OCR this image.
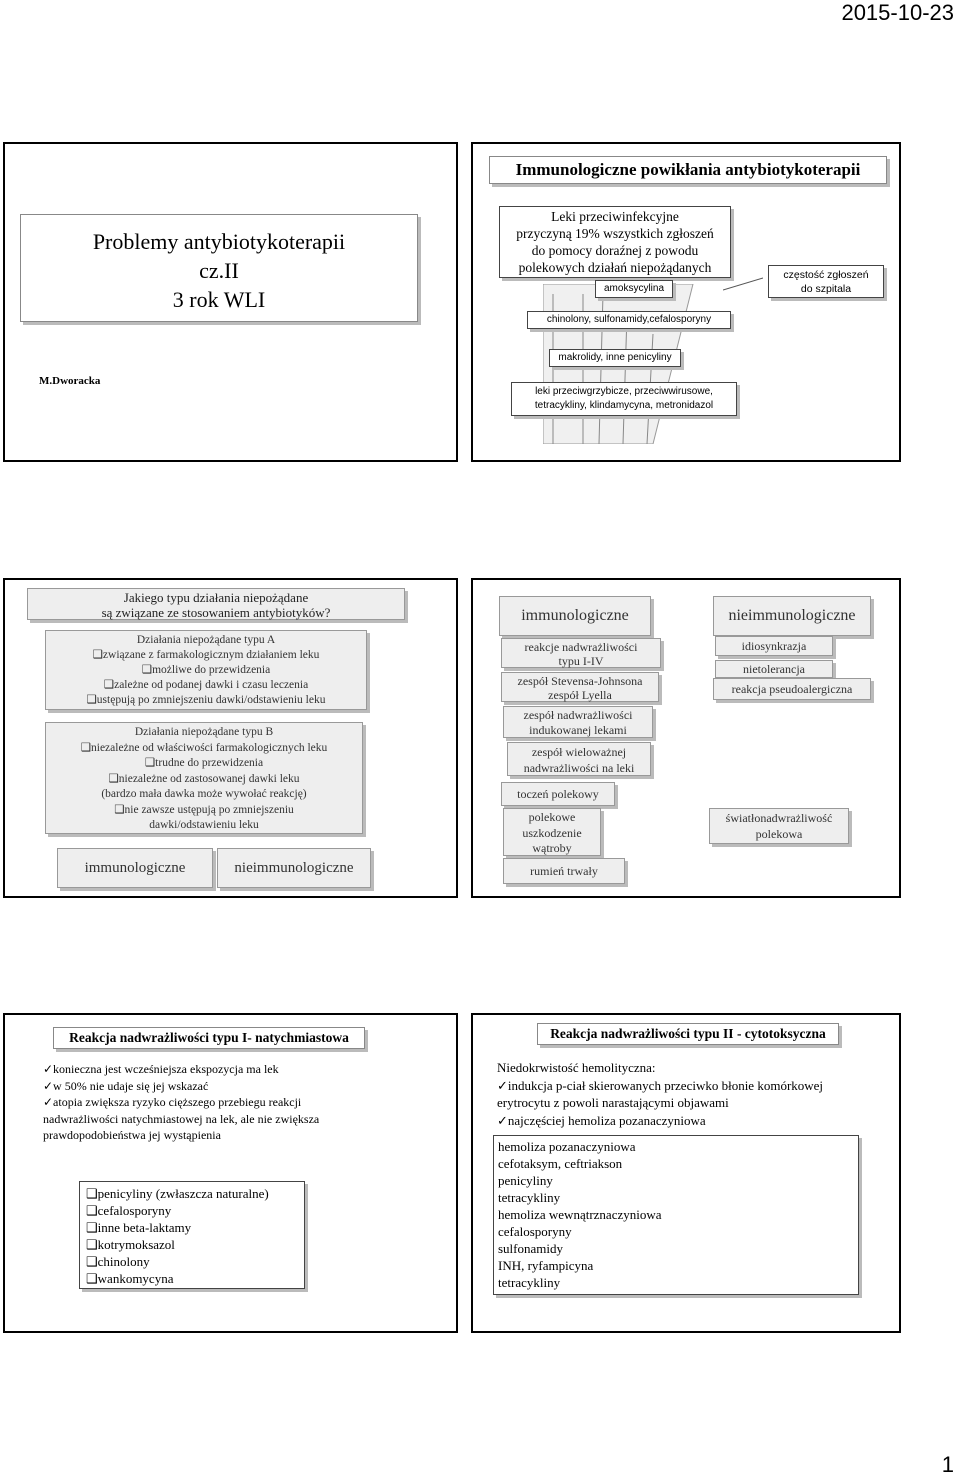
2015-10-23
1
Problemy antybiotykoterapii
cz.II
3 rok WLI
M.Dworacka
Immunologiczne powikłania antybiotykoterapii
Leki przeciwinfekcyjne
przyczyną 19% wszystkich zgłoszeń
do pomocy doraźnej z powodu
polekowych działań niepożądanych	częstość zgłoszeń
do szpitala
amoksycylina
chinolony, sulfonamidy,cefalosporyny
makrolidy, inne penicyliny
leki przeciwgrzybicze, przeciwwirusowe,
tetracykliny, klindamycyna, metronidazol
Jakiego typu działania niepożądane
są związane ze stosowaniem antybiotyków?
Działania niepożądane typu A
❑związane z farmakologicznym działaniem leku
❑możliwe do przewidzenia
❑zależne od podanej dawki i czasu leczenia
❑ustępują po zmniejszeniu dawki/odstawieniu leku
Działania niepożądane typu B
❑niezależne od właściwości farmakologicznych leku
❑trudne do przewidzenia
❑niezależne od zastosowanej dawki leku
(bardzo mała dawka może wywołać reakcję)
❑nie zawsze ustępują po zmniejszeniu
dawki/odstawieniu leku
immunologiczne	nieimmunologiczne
immunologiczne	nieimmunologiczne
reakcje nadwrażliwości
typu I-IV
zespół Stevensa-Johnsona
zespół Lyella
zespół nadwrażliwości
indukowanej lekami
zespół wieloważnej
nadwrażliwości na leki
toczeń polekowy
polekowe
uszkodzenie
wątroby
rumień trwały
idiosynkrazja
nietolerancja
reakcja pseudoalergiczna
światłonadwrażliwość
polekowa
Reakcja nadwrażliwości typu I- natychmiastowa
✓konieczna jest wcześniejsza ekspozycja ma lek
✓w 50% nie udaje się jej wskazać
✓atopia zwiększa ryzyko cięższego przebiegu reakcji
nadwrażliwości natychmiastowej na lek, ale nie zwiększa
prawdopodobieństwa jej wystąpienia
❑penicyliny (zwłaszcza naturalne)
❑cefalosporyny
❑inne beta-laktamy
❑kotrymoksazol
❑chinolony
❑wankomycyna
Reakcja nadwrażliwości typu II - cytotoksyczna
Niedokrwistość hemolityczna:
✓indukcja p-ciał skierowanych przeciwko błonie komórkowej
erytrocytu z powoli narastającymi objawami
✓najczęściej hemoliza pozanaczyniowa
hemoliza pozanaczyniowa
cefotaksym, ceftriakson
penicyliny
tetracykliny
hemoliza wewnątrznaczyniowa
cefalosporyny
sulfonamidy
INH, ryfampicyna
tetracykliny
